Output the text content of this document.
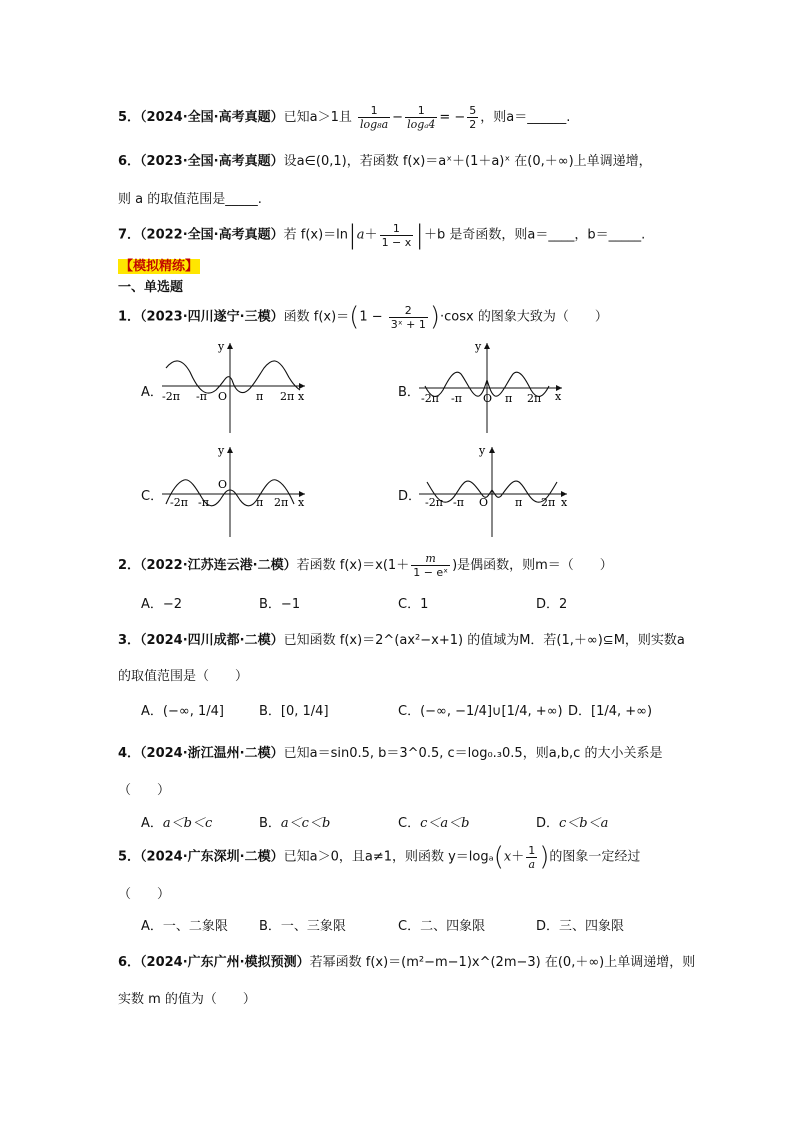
5．（2024·全国·高考真题）已知a＞1且 $\frac{1}{\text{log₈a}} - \frac{1}{\text{logₐ4}}$ = − $\frac{5}{2}$ ，则a＝______.
6．（2023·全国·高考真题）设a∈(0,1)，若函数 f(x)＝aˣ＋(1＋a)ˣ 在(0,＋∞)上单调递增，
则 a 的取值范围是_____.
7．（2022·全国·高考真题）若 $f(x)=\ln|a+ \frac{1}{1 - x} |+b$ 是奇函数，则a＝____，b＝_____.
【模拟精练】
一、单选题
1．（2023·四川遂宁·三模）函数 $f(x)=(1 - \frac{2}{\text{3ˣ + 1}} )\cdot\cos x$ 的图象大致为（　　）
A．	B．
C．	D．
y
x
O
-2π -π	π 2π
y
x
O
-2π -π	π 2π
y
x
O
-2π -π	π 2π
y
x
O
-2π -π	π 2π
2．（2022·江苏连云港·二模）若函数 $f(x)=x(1+ \frac{m}{\text{1 − eˣ}}$ )是偶函数，则m＝（　　）
A．−2	B．−1	C．1	D．2
3．（2024·四川成都·二模）已知函数 f(x)＝2^(ax²−x+1) 的值域为M．若(1,＋∞)⊆M，则实数a
的取值范围是（　　）
A．(−∞, 1/4]	B．[0, 1/4]	C．(−∞, −1/4]∪[1/4, +∞) D．[1/4, +∞)
4．（2024·浙江温州·二模）已知a＝sin0.5, b＝3^0.5, c＝log₀.₃0.5，则a,b,c 的大小关系是
（　　）
A．a＜b＜c	B．a＜c＜b	C．c＜a＜b	D．c＜b＜a
5．（2024·广东深圳·二模）已知a＞0，且a≠1，则函数 $y=\log_a(x+ \frac{1}{a}$ )的图象一定经过
（　　）
A．一、二象限 B．一、三象限	C．二、四象限	D．三、四象限
6．（2024·广东广州·模拟预测）若幂函数 f(x)＝(m²−m−1)x^(2m−3) 在(0,＋∞)上单调递增，则
实数 m 的值为（　　）
